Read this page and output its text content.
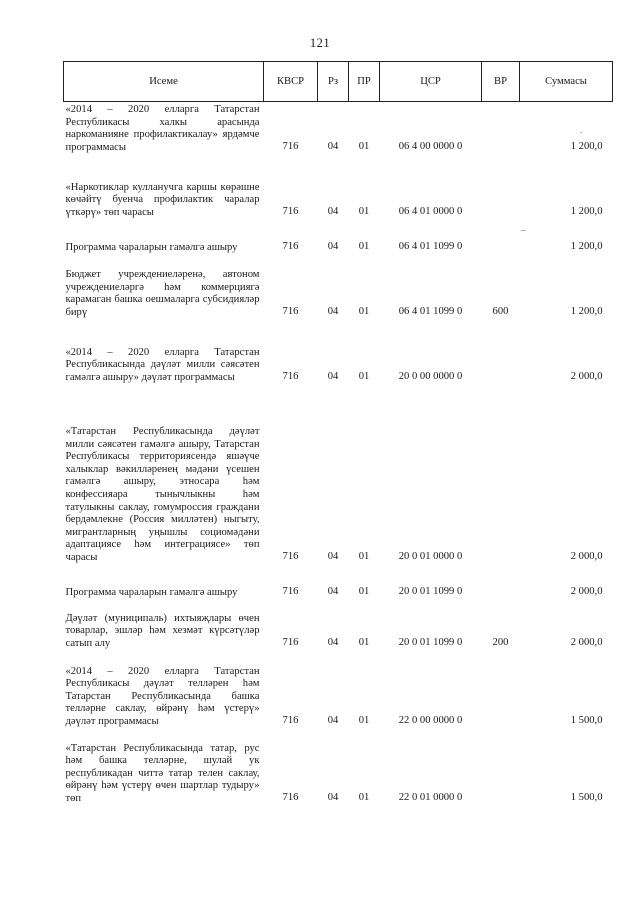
121
Исеме	КВСР	Рз	ПР	ЦСР	ВР	Суммасы
«2014 – 2020 елларга Татарстан Республикасы халкы арасында наркоманияне профилактикалау» ярдәмче программасы	716	04	01	06 4 00 0000 0		1 200,0
«Наркотиклар кулланучга каршы көрәшне көчәйтү буенча профилактик чаралар үткәрү» төп чарасы	716	04	01	06 4 01 0000 0		1 200,0
Программа чараларын гамәлгә ашыру	716	04	01	06 4 01 1099 0		1 200,0
Бюджет учреждениеләренә, автоном учреждениеләргә һәм коммерциягә карамаган башка оешмаларга субсидияләр бирү	716	04	01	06 4 01 1099 0	600	1 200,0
«2014 – 2020 елларга Татарстан Республикасында дәүләт милли сәясәтен гамәлгә ашыру» дәүләт программасы	716	04	01	20 0 00 0000 0		2 000,0
«Татарстан Республикасында дәүләт милли сәясәтен гамәлгә ашыру, Татарстан Республикасы территориясендә яшәүче халыклар вәкилләренең мәдәни үсешен гамәлгә ашыру, этносара һәм конфессияара тынычлыкны һәм татулыкны саклау, гомумроссия граждани бердәмлекне (Россия милләтен) ныгыту, мигрантларның уңышлы социомәдәни адаптациясе һәм интеграциясе» төп чарасы	716	04	01	20 0 01 0000 0		2 000,0
Программа чараларын гамәлгә ашыру	716	04	01	20 0 01 1099 0		2 000,0
Дәүләт (муниципаль) ихтыяҗлары өчен товарлар, эшләр һәм хезмәт күрсәтүләр сатып алу	716	04	01	20 0 01 1099 0	200	2 000,0
«2014 – 2020 елларга Татарстан Республикасы дәүләт телләрен һәм Татарстан Республикасында башка телләрне саклау, өйрәнү һәм үстерү» дәүләт программасы	716	04	01	22 0 00 0000 0		1 500,0
«Татарстан Республикасында татар, рус һәм башка телләрне, шулай ук республикадан читтә татар телен саклау, өйрәнү һәм үстерү өчен шартлар тудыру» төп	716	04	01	22 0 01 0000 0		1 500,0
.
–
